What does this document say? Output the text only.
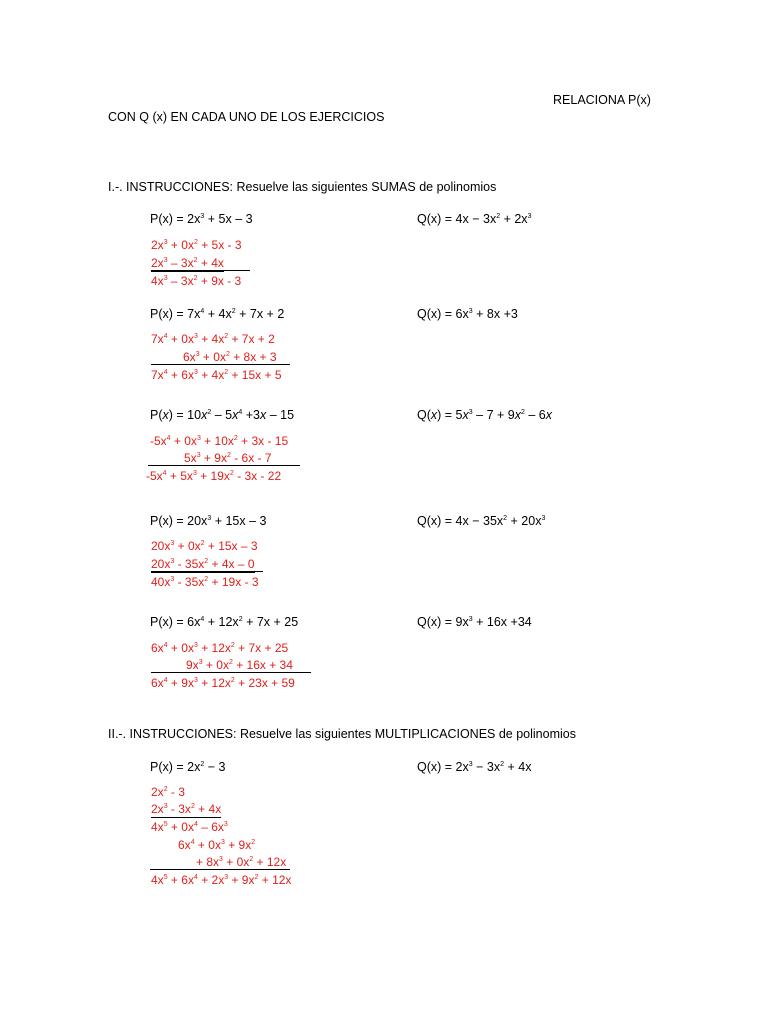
RELACIONA P(x)
CON Q (x) EN CADA UNO DE LOS EJERCICIOS
I.-. INSTRUCCIONES: Resuelve las siguientes SUMAS de polinomios
$P(x) = 2x^3 + 5x - 3$	$Q(x) = 4x - 3x^2 + 2x^3$
$2x^3 + 0x^2 + 5x - 3$
$2x^3 - 3x^2 + 4x$
$4x^3 - 3x^2 + 9x - 3$
$P(x) = 7x^4 + 4x^2 + 7x + 2$	$Q(x) = 6x^3 + 8x +3$
$7x^4 + 0x^3 + 4x^2 + 7x + 2$
$6x^3 + 0x^2 + 8x + 3$
$7x^4 + 6x^3 + 4x^2 + 15x + 5$
$P(x) = 10x^2 - 5x^4 +3x - 15$	$Q(x) = 5x^3 - 7 + 9x^2 - 6x$
$-5x^4 + 0x^3 + 10x^2 + 3x - 15$
$5x^3 + 9x^2 - 6x - 7$
$-5x^4 + 5x^3 + 19x^2 - 3x - 22$
$P(x) = 20x^3 + 15x - 3$	$Q(x) = 4x - 35x^2 + 20x^3$
$20x^3 + 0x^2 + 15x - 3$
$20x^3 - 35x^2 + 4x - 0$
$40x^3 - 35x^2 + 19x - 3$
$P(x) = 6x^4 + 12x^2 + 7x + 25$	$Q(x) = 9x^3 + 16x +34$
$6x^4 + 0x^3 + 12x^2 + 7x + 25$
$9x^3 + 0x^2 + 16x + 34$
$6x^4 + 9x^3 + 12x^2 + 23x + 59$
II.-. INSTRUCCIONES: Resuelve las siguientes MULTIPLICACIONES de polinomios
$P(x) = 2x^2 - 3$	$Q(x) = 2x^3 - 3x^2 + 4x$
$2x^2 - 3$
$2x^3 - 3x^2 + 4x$
$4x^5 + 0x^4 - 6x^3$
$6x^4 + 0x^3 + 9x^2$
+ $8x^3 + 0x^2 + 12x$
$4x^5 + 6x^4 + 2x^3 + 9x^2 + 12x$
